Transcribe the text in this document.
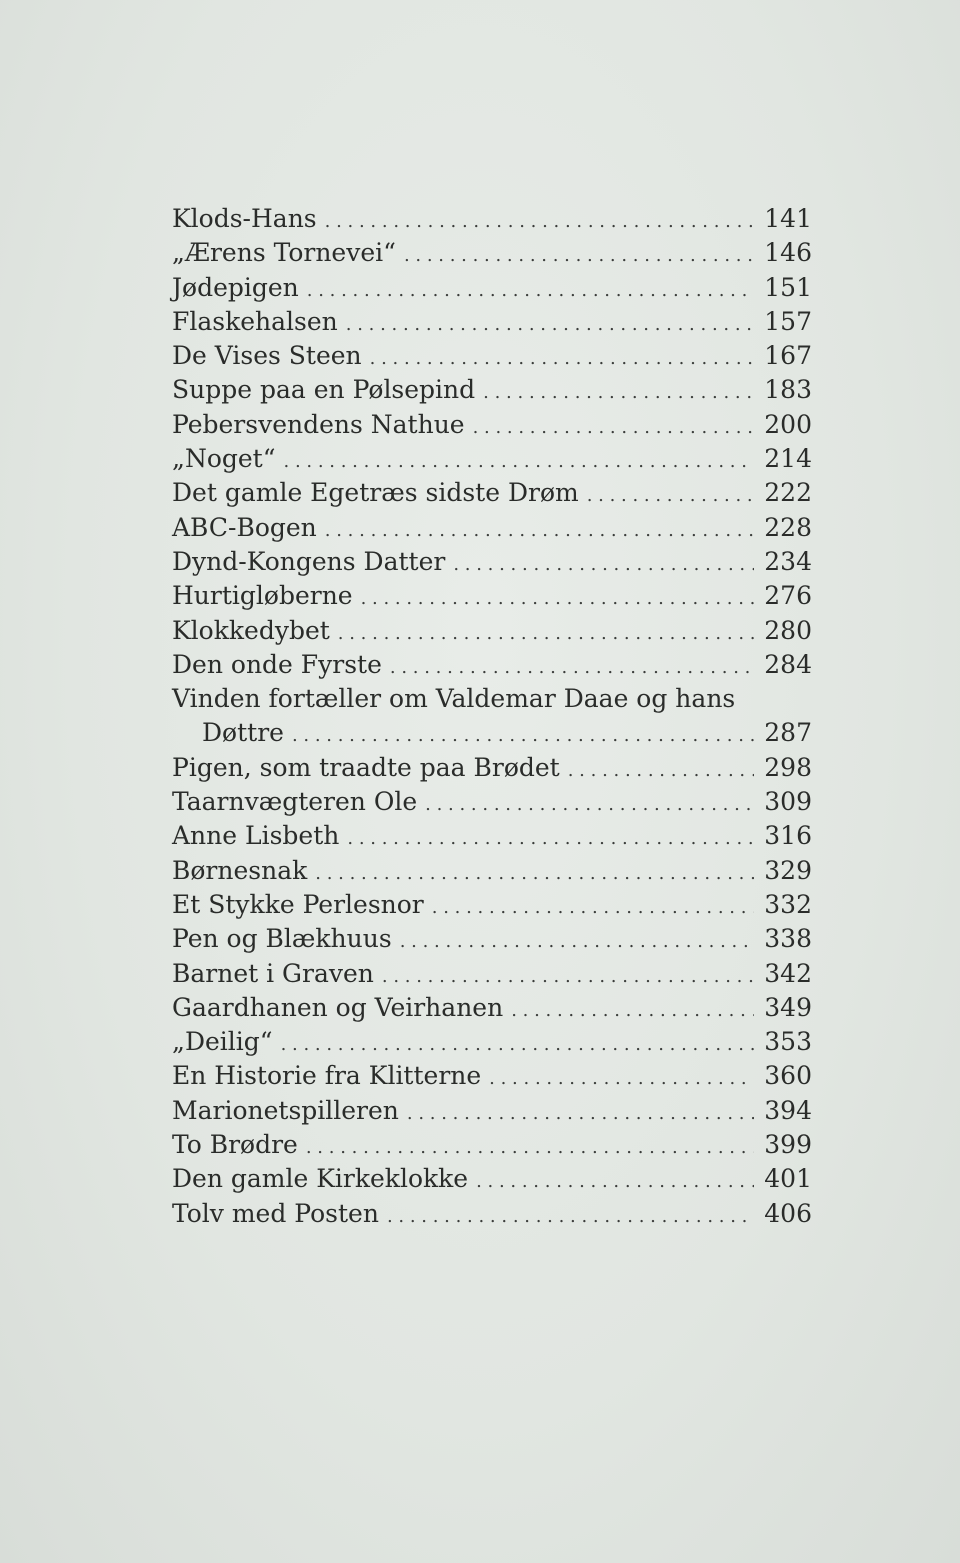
Klods-Hans . . .	141
„Ærens Tornevei“ . . .	146
Jødepigen . . .	151
Flaskehalsen . . .	157
De Vises Steen . . .	167
Suppe paa en Pølsepind . . .	183
Pebersvendens Nathue . . .	200
„Noget“ . . .	214
Det gamle Egetræs sidste Drøm . . .	222
ABC-Bogen . . .	228
Dynd-Kongens Datter . . .	234
Hurtigløberne . . .	276
Klokkedybet . . .	280
Den onde Fyrste . . .	284
Vinden fortæller om Valdemar Daae og hans
Døttre . . .	287
Pigen, som traadte paa Brødet . . .	298
Taarnvægteren Ole . . .	309
Anne Lisbeth . . .	316
Børnesnak . . .	329
Et Stykke Perlesnor . . .	332
Pen og Blækhuus . . .	338
Barnet i Graven . . .	342
Gaardhanen og Veirhanen . . .	349
„Deilig“ . . .	353
En Historie fra Klitterne . . .	360
Marionetspilleren . . .	394
To Brødre . . .	399
Den gamle Kirkeklokke . . .	401
Tolv med Posten . . .	406
